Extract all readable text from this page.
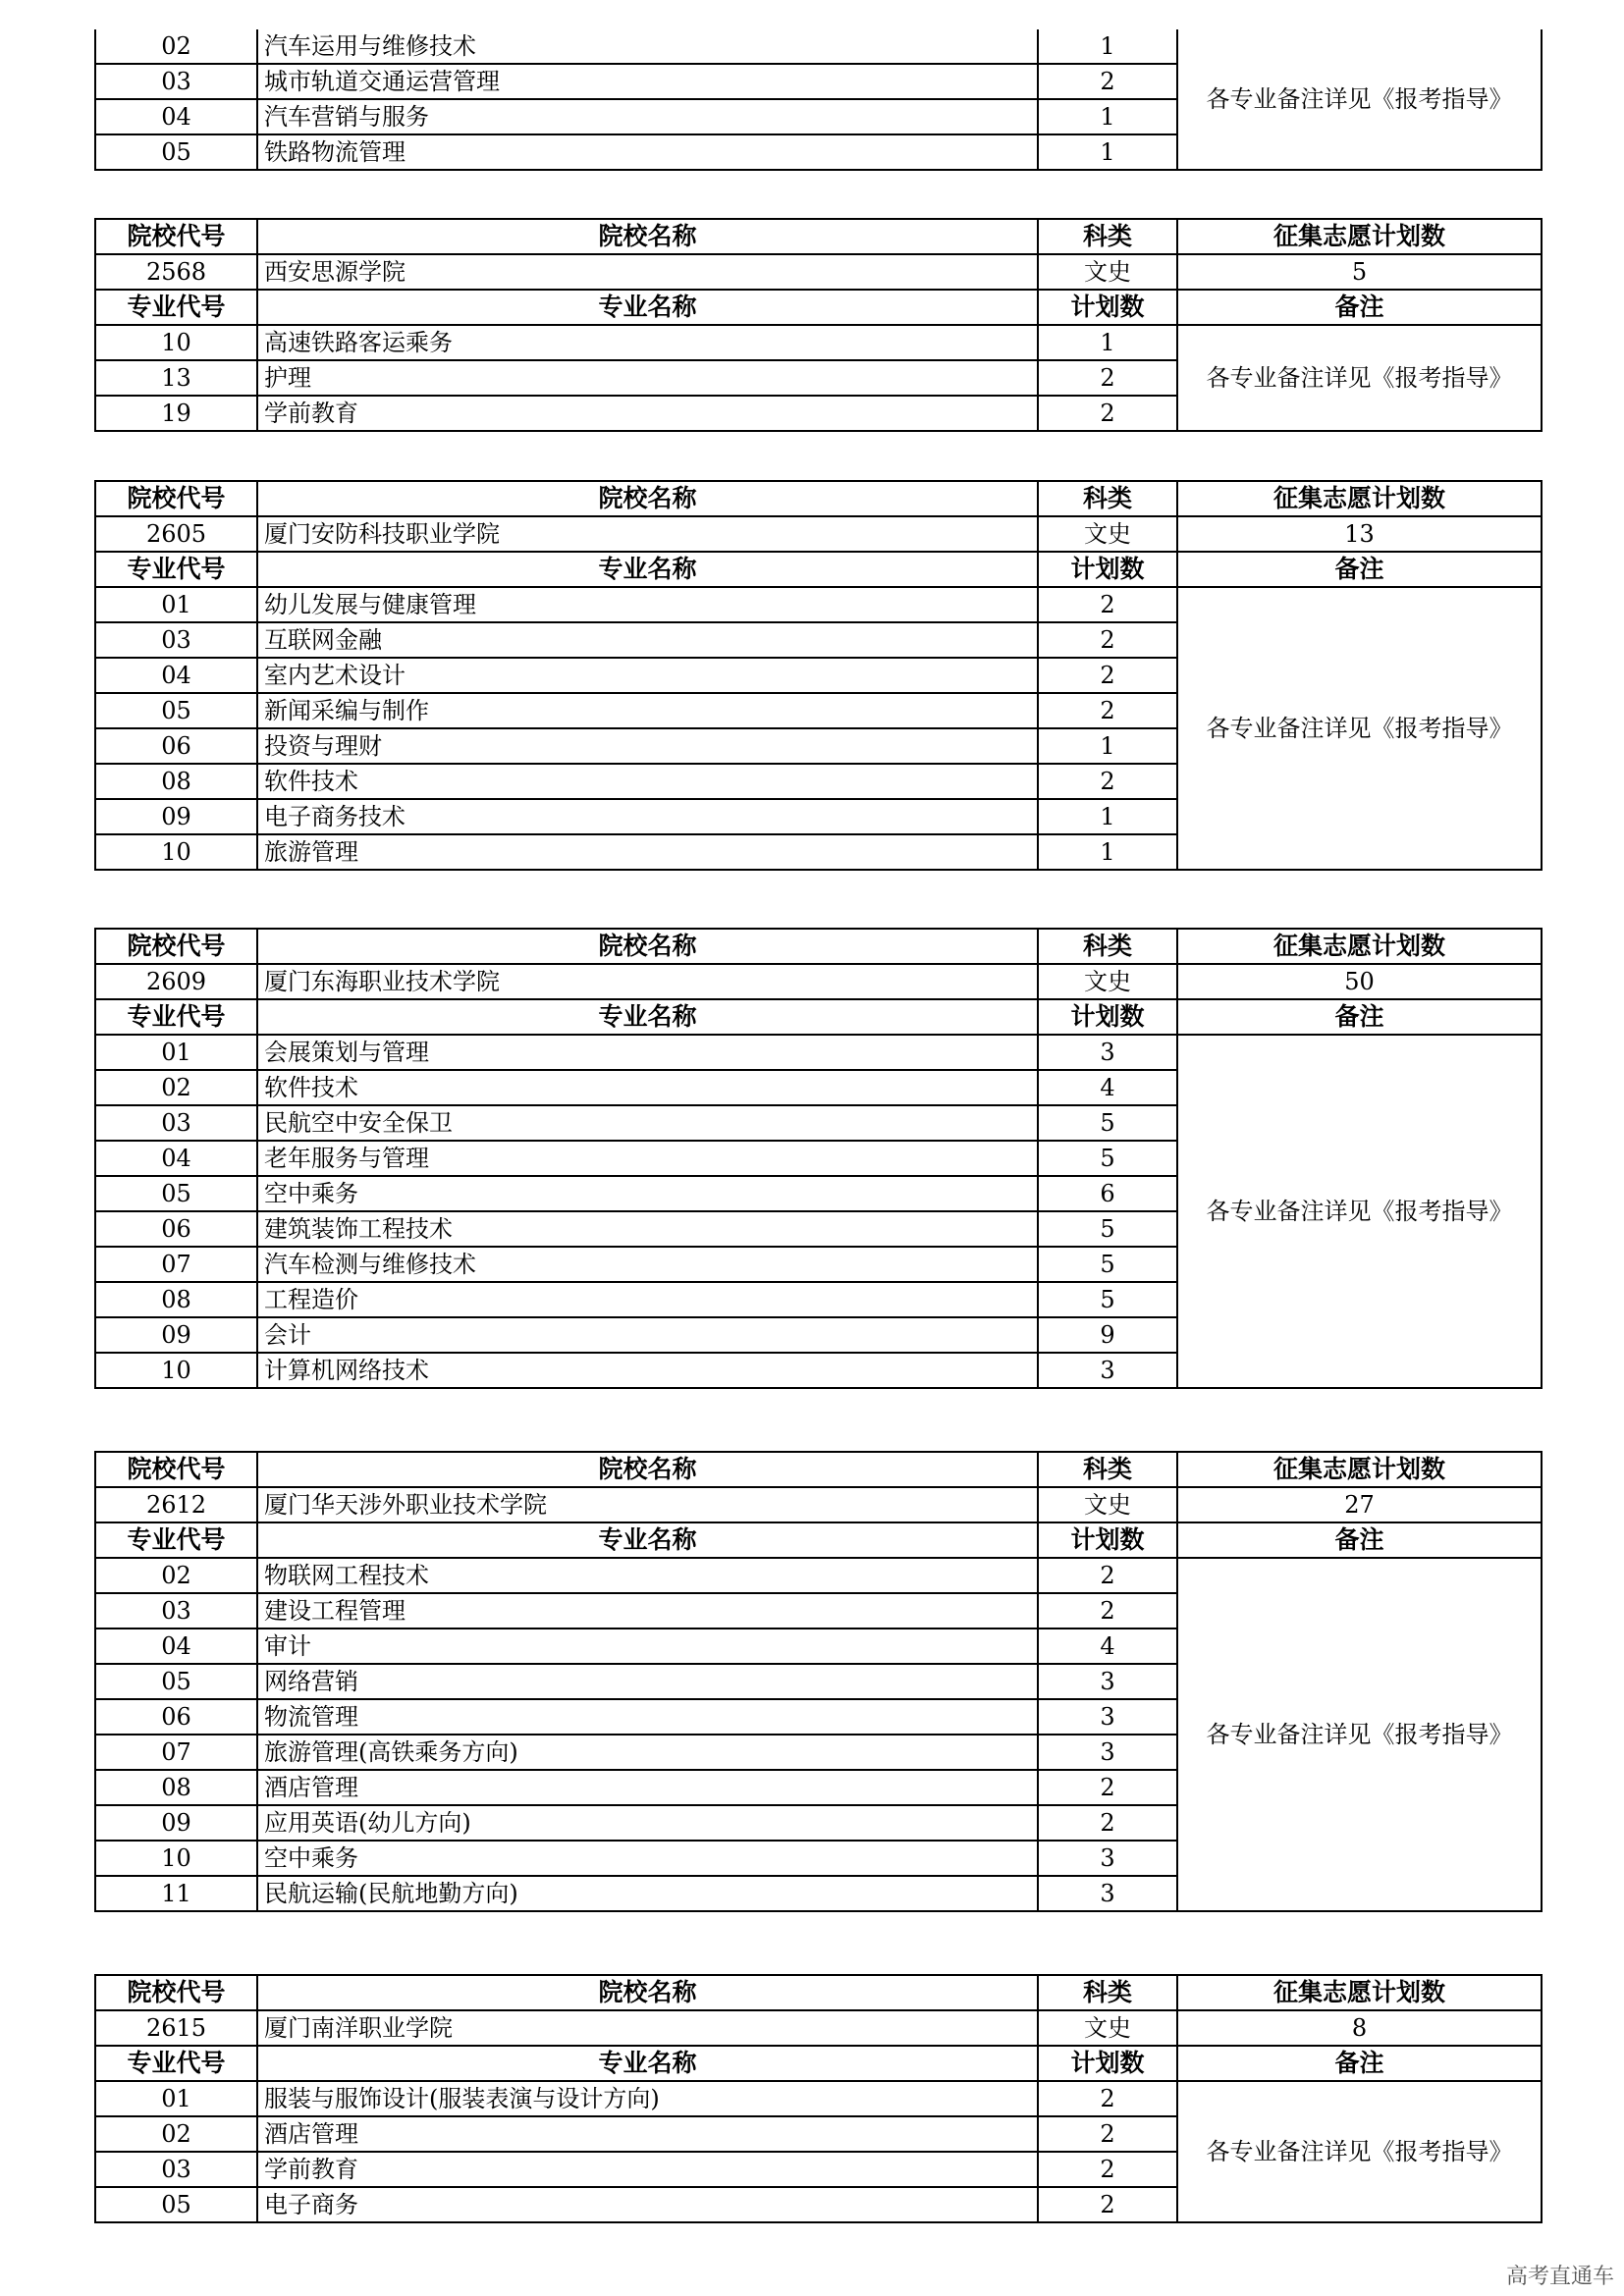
02	汽车运用与维修技术	1	各专业备注详见《报考指导》
03	城市轨道交通运营管理	2	
04	汽车营销与服务	1	
05	铁路物流管理	1	
院校代号	院校名称	科类	征集志愿计划数
2568	西安思源学院	文史	5
专业代号	专业名称	计划数	备注
10	高速铁路客运乘务	1	各专业备注详见《报考指导》
13	护理	2	
19	学前教育	2	
院校代号	院校名称	科类	征集志愿计划数
2605	厦门安防科技职业学院	文史	13
专业代号	专业名称	计划数	备注
01	幼儿发展与健康管理	2	各专业备注详见《报考指导》
03	互联网金融	2	
04	室内艺术设计	2	
05	新闻采编与制作	2	
06	投资与理财	1	
08	软件技术	2	
09	电子商务技术	1	
10	旅游管理	1	
院校代号	院校名称	科类	征集志愿计划数
2609	厦门东海职业技术学院	文史	50
专业代号	专业名称	计划数	备注
01	会展策划与管理	3	各专业备注详见《报考指导》
02	软件技术	4	
03	民航空中安全保卫	5	
04	老年服务与管理	5	
05	空中乘务	6	
06	建筑装饰工程技术	5	
07	汽车检测与维修技术	5	
08	工程造价	5	
09	会计	9	
10	计算机网络技术	3	
院校代号	院校名称	科类	征集志愿计划数
2612	厦门华天涉外职业技术学院	文史	27
专业代号	专业名称	计划数	备注
02	物联网工程技术	2	各专业备注详见《报考指导》
03	建设工程管理	2	
04	审计	4	
05	网络营销	3	
06	物流管理	3	
07	旅游管理(高铁乘务方向)	3	
08	酒店管理	2	
09	应用英语(幼儿方向)	2	
10	空中乘务	3	
11	民航运输(民航地勤方向)	3	
院校代号	院校名称	科类	征集志愿计划数
2615	厦门南洋职业学院	文史	8
专业代号	专业名称	计划数	备注
01	服装与服饰设计(服装表演与设计方向)	2	各专业备注详见《报考指导》
02	酒店管理	2	
03	学前教育	2	
05	电子商务	2	
高考直通车
